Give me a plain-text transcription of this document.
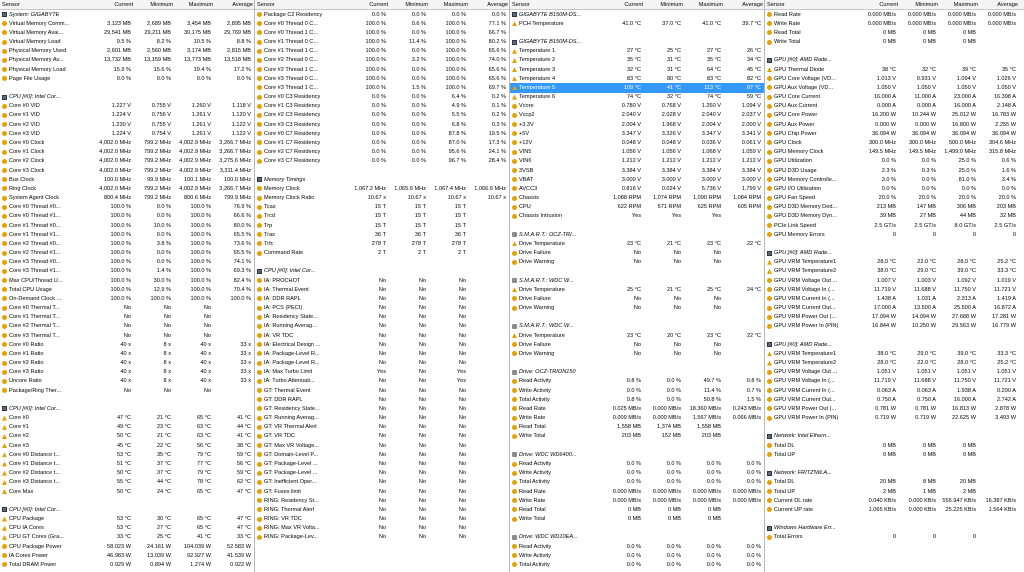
Sensor	Current	Minimum	Maximum	Average
System: GIGABYTE
Virtual Memory Comm...	3,123 MB	2,689 MB	3,454 MB	2,895 MB
Virtual Memory Avai...	29,541 MB	29,211 MB	30,175 MB	29,769 MB
Virtual Memory Load	9.5 %	8.2 %	10.5 %	8.8 %
Physical Memory Used	2,601 MB	2,560 MB	3,174 MB	2,815 MB
Physical Memory Av...	13,732 MB	13,159 MB	13,773 MB	13,518 MB
Physical Memory Load	15.9 %	15.6 %	19.4 %	17.2 %
Page File Usage	0.0 %	0.0 %	0.0 %	0.0 %
CPU [#0]: Intel Cor...
Core #0 VID	1.227 V	0.755 V	1.260 V	1.118 V
Core #1 VID	1.224 V	0.756 V	1.261 V	1.120 V
Core #2 VID	1.230 V	0.755 V	1.261 V	1.122 V
Core #3 VID	1.224 V	0.754 V	1.261 V	1.122 V
Core #0 Clock	4,002.0 MHz	799.2 MHz	4,002.9 MHz	3,266.7 MHz
Core #1 Clock	4,002.0 MHz	799.2 MHz	4,002.9 MHz	3,266.7 MHz
Core #2 Clock	4,002.0 MHz	799.2 MHz	4,002.9 MHz	3,275.6 MHz
Core #3 Clock	4,002.0 MHz	799.2 MHz	4,002.9 MHz	3,311.4 MHz
Bus Clock	100.0 MHz	99.9 MHz	100.1 MHz	100.0 MHz
Ring Clock	4,002.0 MHz	799.2 MHz	4,002.9 MHz	3,266.7 MHz
System Agent Clock	800.4 MHz	799.2 MHz	800.6 MHz	799.9 MHz
Core #0 Thread #0...	100.0 %	0.0 %	100.0 %	76.9 %
Core #0 Thread #1...	100.0 %	0.0 %	100.0 %	66.6 %
Core #1 Thread #0...	100.0 %	10.0 %	100.0 %	80.0 %
Core #1 Thread #1...	100.0 %	0.0 %	100.0 %	65.5 %
Core #2 Thread #0...	100.0 %	3.8 %	100.0 %	73.6 %
Core #2 Thread #1...	100.0 %	0.0 %	100.0 %	65.5 %
Core #3 Thread #0...	100.0 %	0.0 %	100.0 %	74.1 %
Core #3 Thread #1...	100.0 %	1.4 %	100.0 %	69.3 %
Max CPU/Thread U...	100.0 %	30.0 %	100.0 %	82.4 %
Total CPU Usage	100.0 %	12.9 %	100.0 %	70.4 %
On-Demand Clock ...	100.0 %	100.0 %	100.0 %	100.0 %
Core #0 Thermal T...	No	No	No
Core #1 Thermal T...	No	No	No
Core #2 Thermal T...	No	No	No
Core #3 Thermal T...	No	No	No
Core #0 Ratio	40 x	8 x	40 x	33 x
Core #1 Ratio	40 x	8 x	40 x	33 x
Core #2 Ratio	40 x	8 x	40 x	33 x
Core #3 Ratio	40 x	8 x	40 x	33 x
Uncore Ratio	40 x	8 x	40 x	33 x
Package/Ring Ther...	No	No	No
CPU [#0]: Intel Cor...
Core #0	47 °C	21 °C	65 °C	41 °C
Core #1	49 °C	23 °C	63 °C	44 °C
Core #2	50 °C	21 °C	63 °C	41 °C
Core #3	45 °C	22 °C	56 °C	38 °C
Core #0 Distance t...	53 °C	35 °C	79 °C	59 °C
Core #1 Distance t...	51 °C	37 °C	77 °C	56 °C
Core #2 Distance t...	50 °C	37 °C	79 °C	59 °C
Core #3 Distance t...	55 °C	44 °C	78 °C	62 °C
Core Max	50 °C	24 °C	65 °C	47 °C
CPU [#0]: Intel Cor...
CPU Package	53 °C	30 °C	65 °C	47 °C
CPU IA Cores	53 °C	27 °C	65 °C	47 °C
CPU GT Cores (Gra...	33 °C	25 °C	41 °C	33 °C
CPU Package Power	58.023 W	24.161 W	104.039 W	52.583 W
IA Cores Power	46.983 W	13.039 W	92.927 W	41.539 W
Total DRAM Power	0.929 W	0.894 W	1.274 W	0.922 W
Sensor	Current	Minimum	Maximum	Average
Package C2 Residency	0.0 %	0.0 %	0.0 %	0.0 %
Core #0 Thread 0 C...	100.0 %	0.6 %	100.0 %	77.1 %
Core #0 Thread 1 C...	100.0 %	0.0 %	100.0 %	66.7 %
Core #1 Thread 0 C...	100.0 %	11.4 %	100.0 %	80.2 %
Core #1 Thread 1 C...	100.0 %	0.0 %	100.0 %	65.6 %
Core #2 Thread 0 C...	100.0 %	3.2 %	100.0 %	74.0 %
Core #2 Thread 1 C...	100.0 %	0.0 %	100.0 %	65.6 %
Core #3 Thread 0 C...	100.0 %	0.0 %	100.0 %	65.6 %
Core #3 Thread 1 C...	100.0 %	1.5 %	100.0 %	69.7 %
Core #0 C3 Residency	0.0 %	0.0 %	6.4 %	0.2 %
Core #1 C3 Residency	0.0 %	0.0 %	4.9 %	0.1 %
Core #2 C3 Residency	0.0 %	0.0 %	5.5 %	0.2 %
Core #3 C3 Residency	0.0 %	0.0 %	6.8 %	0.3 %
Core #0 C7 Residency	0.0 %	0.0 %	87.8 %	19.5 %
Core #1 C7 Residency	0.0 %	0.0 %	87.0 %	17.3 %
Core #2 C7 Residency	0.0 %	0.0 %	95.6 %	24.1 %
Core #3 C7 Residency	0.0 %	0.0 %	96.7 %	28.4 %
Memory Timings
Memory Clock	1,067.2 MHz	1,065.6 MHz	1,067.4 MHz	1,066.6 MHz
Memory Clock Ratio	10.67 x	10.67 x	10.67 x	10.67 x
Tcas	15 T	15 T	15 T
Trcd	15 T	15 T	15 T
Trp	15 T	15 T	15 T
Tras	36 T	36 T	36 T
Trfc	278 T	278 T	278 T
Command Rate	2 T	2 T	2 T
CPU [#0]: Intel Cor...
IA: PROCHOT	No	No	No
IA: Thermal Event	No	No	No
IA: DDR RAPL	No	No	No
IA: PCS (PECI)	No	No	No
IA: Residency State...	No	No	No
IA: Running Averag...	No	No	No
IA: VR TDC	No	No	No
IA: Electrical Design ...	No	No	No
IA: Package-Level R...	No	No	No
IA: Package-Level R...	No	No	No
IA: Max Turbo Limit	Yes	No	Yes
IA: Turbo Attenuati...	No	No	Yes
GT: Thermal Event	No	No	No
GT: DDR RAPL	No	No	No
GT: Residency State...	No	No	No
GT: Running Averag...	No	No	No
GT: VR Thermal Alert	No	No	No
GT: VR TDC	No	No	No
GT: Max VR Voltage...	No	No	No
GT: Domain-Level P...	No	No	No
GT: Package-Level ...	No	No	No
GT: Package-Level ...	No	No	No
GT: Inefficient Oper...	No	No	No
GT: Fuses limit	No	No	No
RING: Residency St...	No	No	No
RING: Thermal Alert	No	No	No
RING: VR TDC	No	No	No
RING: Max VR Volta...	No	No	No
RING: Package-Lev...	No	No	No
Sensor	Current	Minimum	Maximum	Average
GIGABYTE B150M-DS...
PCH Temperature	41.0 °C	37.0 °C	41.0 °C	39.7 °C
GIGABYTE B150M-DS...
Temperature 1	27 °C	25 °C	27 °C	26 °C
Temperature 2	35 °C	31 °C	35 °C	34 °C
Temperature 3	32 °C	31 °C	64 °C	45 °C
Temperature 4	83 °C	80 °C	83 °C	82 °C
Temperature 5	109 °C	41 °C	113 °C	87 °C
Temperature 6	74 °C	32 °C	74 °C	59 °C
Vcore	0.780 V	0.768 V	1.260 V	1.094 V
Vccp2	2.040 V	2.028 V	2.040 V	2.037 V
+3.3V	2.004 V	1.968 V	2.004 V	2.000 V
+5V	3.347 V	3.326 V	3.347 V	3.341 V
+12V	0.048 V	0.048 V	0.036 V	0.061 V
VIN5	1.056 V	1.056 V	1.068 V	1.059 V
VIN6	1.212 V	1.212 V	1.212 V	1.212 V
3VSB	3.384 V	3.384 V	3.384 V	3.384 V
VBAT	3.000 V	3.000 V	3.000 V	3.000 V
AVCC3	0.816 V	0.024 V	5.736 V	1.799 V
Chassis	1,088 RPM	1,074 RPM	1,090 RPM	1,084 RPM
CPU	622 RPM	571 RPM	625 RPM	605 RPM
Chassis Intrusion	Yes	Yes	Yes
S.M.A.R.T.: OCZ-TRI...
Drive Temperature	23 °C	21 °C	23 °C	22 °C
Drive Failure	No	No	No
Drive Warning	No	No	No
S.M.A.R.T.: WDC W...
Drive Temperature	25 °C	21 °C	25 °C	24 °C
Drive Failure	No	No	No
Drive Warning	No	No	No
S.M.A.R.T.: WDC W...
Drive Temperature	23 °C	20 °C	23 °C	22 °C
Drive Failure	No	No	No
Drive Warning	No	No	No
Drive: OCZ-TRION150
Read Activity	0.8 %	0.0 %	49.7 %	0.8 %
Write Activity	0.0 %	0.0 %	11.4 %	0.7 %
Total Activity	0.8 %	0.0 %	50.8 %	1.5 %
Read Rate	0.025 MB/s	0.000 MB/s	18.360 MB/s	0.243 MB/s
Write Rate	0.009 MB/s	0.000 MB/s	1.567 MB/s	0.066 MB/s
Read Total	1,558 MB	1,374 MB	1,558 MB
Write Total	203 MB	152 MB	203 MB
Drive: WDC WD6400...
Read Activity	0.0 %	0.0 %	0.0 %	0.0 %
Write Activity	0.0 %	0.0 %	0.0 %	0.0 %
Total Activity	0.0 %	0.0 %	0.0 %	0.0 %
Read Rate	0.000 MB/s	0.000 MB/s	0.000 MB/s	0.000 MB/s
Write Rate	0.000 MB/s	0.000 MB/s	0.000 MB/s	0.000 MB/s
Read Total	0 MB	0 MB	0 MB
Write Total	0 MB	0 MB	0 MB
Drive: WDC WD10EA...
Read Activity	0.0 %	0.0 %	0.0 %	0.0 %
Write Activity	0.0 %	0.0 %	0.0 %	0.0 %
Total Activity	0.0 %	0.0 %	0.0 %	0.0 %
Sensor	Current	Minimum	Maximum	Average
Read Rate	0.000 MB/s	0.000 MB/s	0.000 MB/s	0.000 MB/s
Write Rate	0.000 MB/s	0.000 MB/s	0.000 MB/s	0.000 MB/s
Read Total	0 MB	0 MB	0 MB
Write Total	0 MB	0 MB	0 MB
GPU [#0]: AMD Rade...
GPU Thermal Diode	38 °C	32 °C	39 °C	35 °C
GPU Core Voltage (VD...	1.013 V	0.931 V	1.094 V	1.026 V
GPU Aux Voltage (VD...	1.050 V	1.050 V	1.050 V	1.050 V
GPU Core Current	16.000 A	11.000 A	23.000 A	16.398 A
GPU Aux Current	0.000 A	0.000 A	16.000 A	2.148 A
GPU Core Power	16.200 W	10.244 W	25.012 W	16.783 W
GPU Aux Power	0.000 W	0.000 W	16.800 W	2.255 W
GPU Chip Power	36.094 W	36.094 W	36.094 W	36.094 W
GPU Clock	300.0 MHz	300.0 MHz	500.0 MHz	304.6 MHz
GPU Memory Clock	149.5 MHz	149.5 MHz	1,499.0 MHz	315.8 MHz
GPU Utilization	0.0 %	0.0 %	25.0 %	0.6 %
GPU D3D Usage	2.3 %	0.3 %	25.0 %	1.6 %
GPU Memory Controlle...	3.0 %	0.0 %	81.0 %	3.4 %
GPU I/O Utilization	0.0 %	0.0 %	0.0 %	0.0 %
GPU Fan Speed	20.0 %	20.0 %	20.0 %	20.0 %
GPU D3D Memory Ded...	213 MB	147 MB	306 MB	203 MB
GPU D3D Memory Dyn...	39 MB	27 MB	44 MB	32 MB
PCIe Link Speed	2.5 GT/s	2.5 GT/s	8.0 GT/s	2.5 GT/s
GPU Memory Errors	0	0	0	0
GPU [#0]: AMD Rade...
GPU VRM Temperature1	28.0 °C	22.0 °C	28.0 °C	25.2 °C
GPU VRM Temperature2	38.0 °C	29.0 °C	39.0 °C	33.3 °C
GPU VRM Voltage Out ...	1.007 V	1.003 V	1.092 V	1.019 V
GPU VRM Voltage In (...	11.719 V	11.688 V	11.750 V	11.721 V
GPU VRM Current In (...	1.438 A	1.031 A	2.313 A	1.419 A
GPU VRM Current Out...	17.000 A	13.500 A	25.500 A	16.872 A
GPU VRM Power Out (...	17.094 W	14.094 W	27.688 W	17.281 W
GPU VRM Power In (PIN)	16.844 W	10.250 W	29.563 W	16.779 W
GPU [#0]: AMD Rade...
GPU VRM Temperature1	38.0 °C	29.0 °C	39.0 °C	33.3 °C
GPU VRM Temperature2	28.0 °C	22.0 °C	28.0 °C	25.2 °C
GPU VRM Voltage Out ...	1.051 V	1.051 V	1.051 V	1.051 V
GPU VRM Voltage In (...	11.719 V	11.688 V	11.750 V	11.721 V
GPU VRM Current In (...	0.063 A	0.063 A	1.938 A	0.290 A
GPU VRM Current Out...	0.750 A	0.750 A	16.000 A	2.742 A
GPU VRM Power Out (...	0.781 W	0.781 W	16.813 W	2.878 W
GPU VRM Power In (PIN)	0.719 W	0.719 W	22.625 W	3.493 W
Network: Intel Ethern...
Total DL	0 MB	0 MB	0 MB
Total UP	0 MB	0 MB	0 MB
Network: FRITZ!WLA...
Total DL	20 MB	8 MB	20 MB
Total UP	2 MB	1 MB	2 MB
Current DL rate	0.040 KB/s	0.000 KB/s	556.947 KB/s	16.387 KB/s
Current UP rate	1.065 KB/s	0.000 KB/s	25.225 KB/s	1.564 KB/s
Windows Hardware Err...
Total Errors	0	0	0
